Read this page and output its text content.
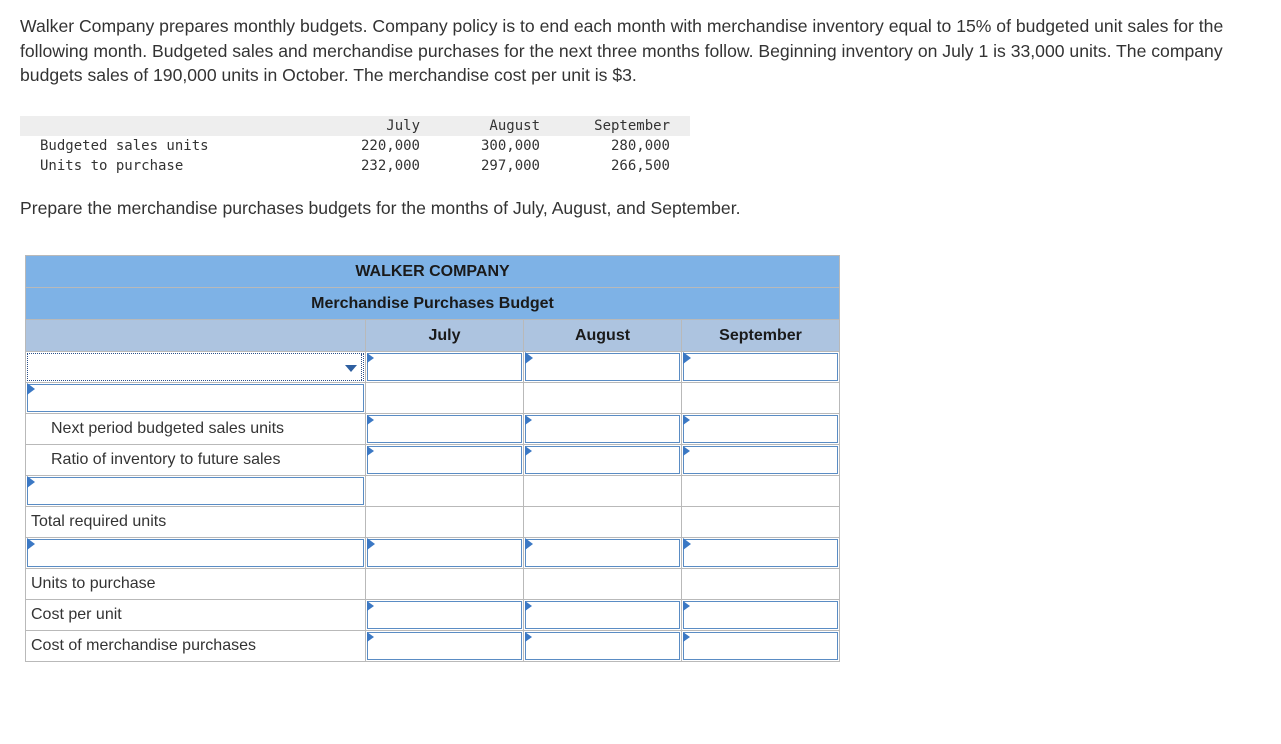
Walker Company prepares monthly budgets. Company policy is to end each month with merchandise inventory equal to 15% of budgeted unit sales for the following month. Budgeted sales and merchandise purchases for the next three months follow. Beginning inventory on July 1 is 33,000 units. The company budgets sales of 190,000 units in October. The merchandise cost per unit is $3.
	July	August	September
Budgeted sales units	220,000	300,000	280,000
Units to purchase	232,000	297,000	266,500
Prepare the merchandise purchases budgets for the months of July, August, and September.
WALKER COMPANY			
Merchandise Purchases Budget			
	July	August	September

Next period budgeted sales units	

Ratio of inventory to future sales	

Total required units			

Units to purchase			
Cost per unit	

Cost of merchandise purchases	
